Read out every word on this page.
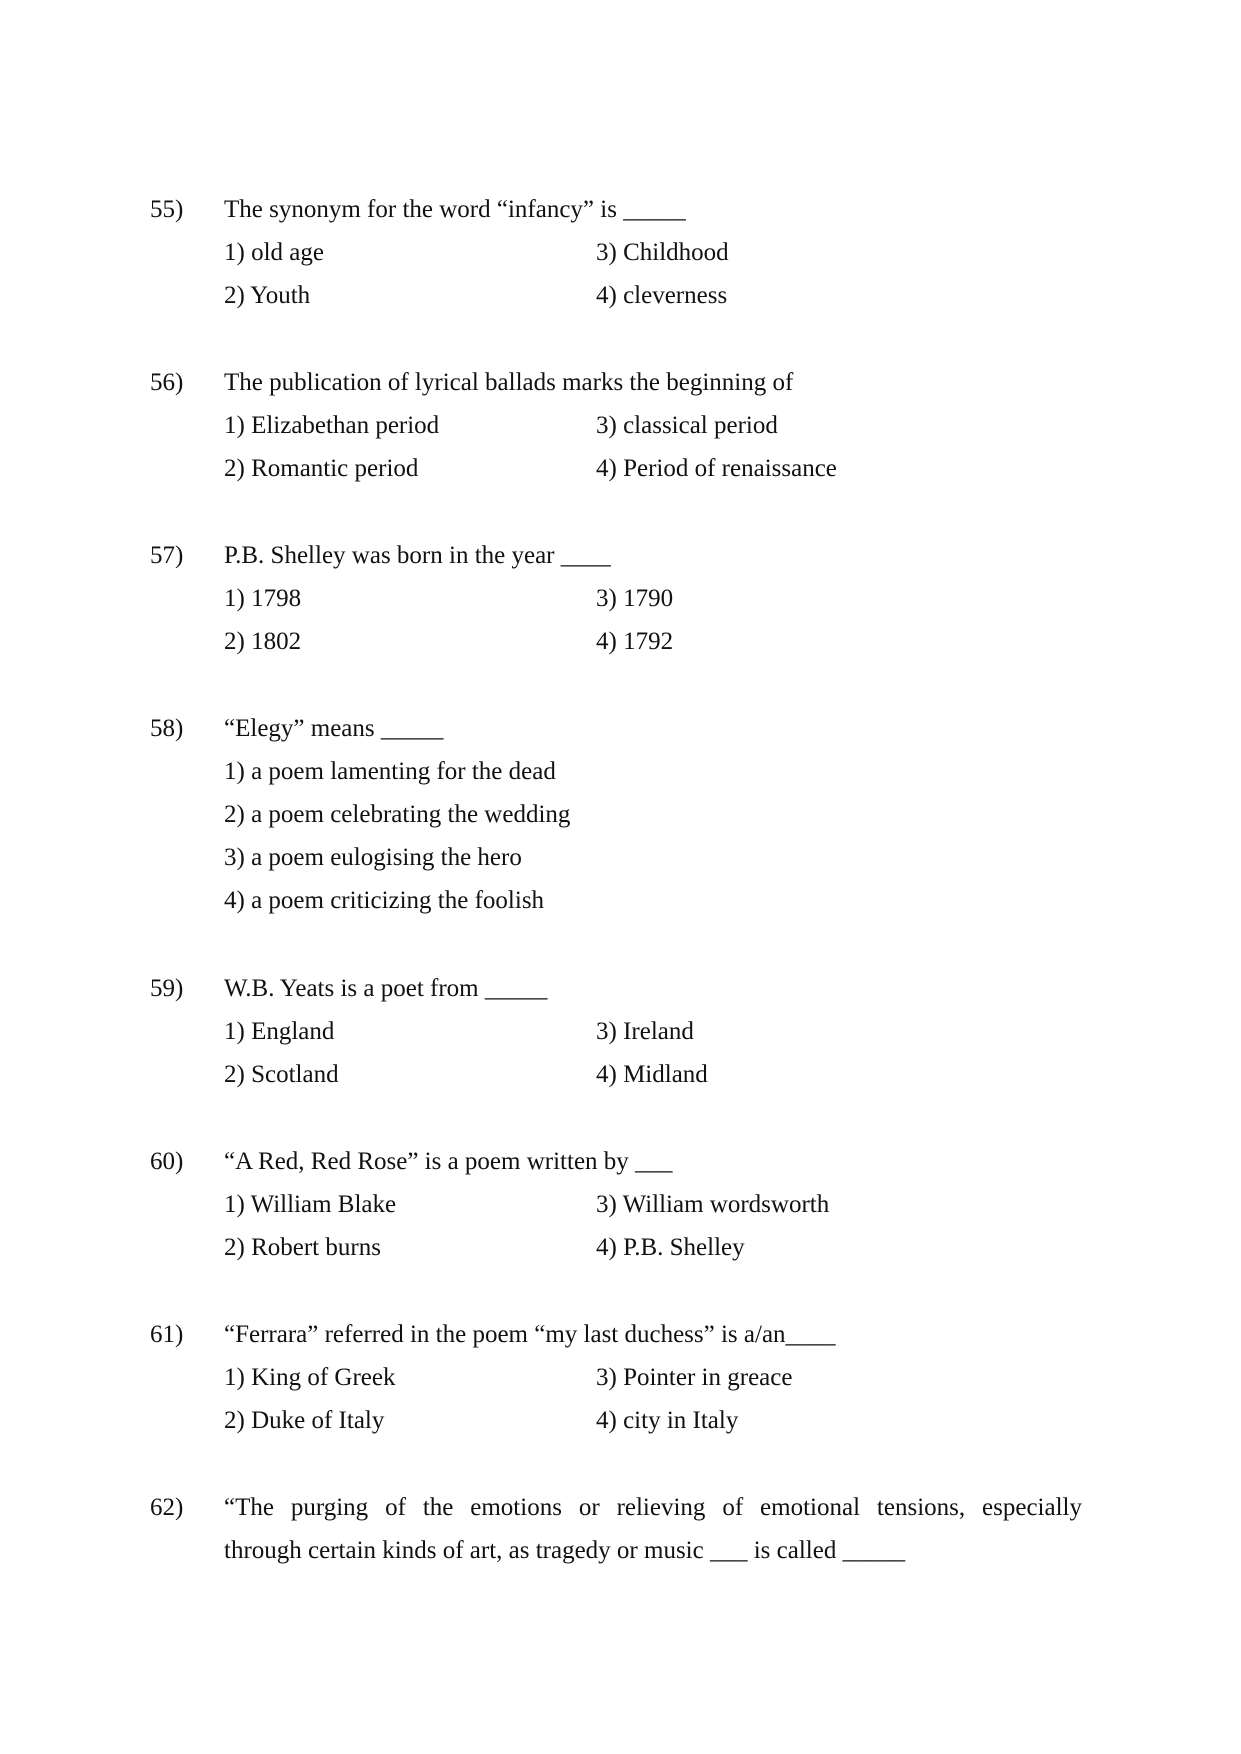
55) The synonym for the word “infancy” is _____
1) old age	3) Childhood
2) Youth	4) cleverness
56) The publication of lyrical ballads marks the beginning of
1) Elizabethan period	3) classical period
2) Romantic period	4) Period of renaissance
57) P.B. Shelley was born in the year ____
1) 1798	3) 1790
2) 1802	4) 1792
58) “Elegy” means _____
1) a poem lamenting for the dead
2) a poem celebrating the wedding
3) a poem eulogising the hero
4) a poem criticizing the foolish
59) W.B. Yeats is a poet from _____
1) England	3) Ireland
2) Scotland	4) Midland
60) “A Red, Red Rose” is a poem written by ___
1) William Blake	3) William wordsworth
2) Robert burns	4) P.B. Shelley
61) “Ferrara” referred in the poem “my last duchess” is a/an____
1) King of Greek	3) Pointer in greace
2) Duke of Italy	4) city in Italy
62) “The purging of the emotions or relieving of emotional tensions, especially
through certain kinds of art, as tragedy or music ___ is called _____
